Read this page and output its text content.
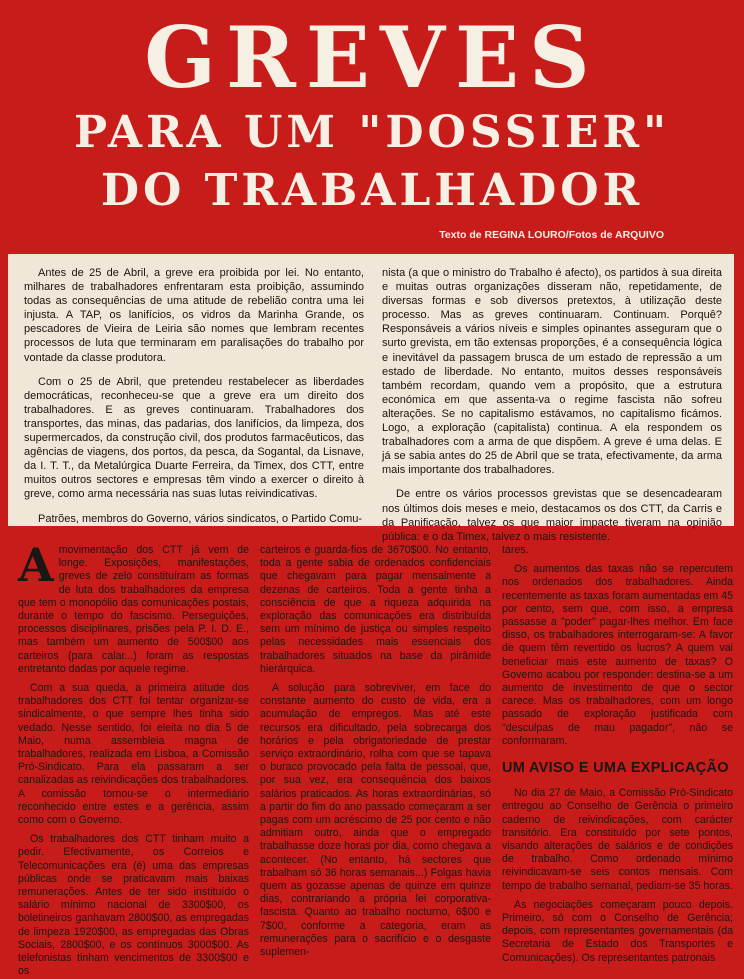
GREVES
PARA UM "DOSSIER"
DO TRABALHADOR
Texto de REGINA LOURO/Fotos de ARQUIVO

Antes de 25 de Abril, a greve era proibida por lei. No entanto, milhares de trabalhadores enfrentaram esta proibição, assumindo todas as consequências de uma atitude de rebelião contra uma lei injusta. A TAP, os lanifícios, os vidros da Marinha Grande, os pescadores de Vieira de Leiria são nomes que lembram recentes processos de luta que terminaram em paralisações do trabalho por vontade da classe produtora.

Com o 25 de Abril, que pretendeu restabelecer as liberdades democráticas, reconheceu-se que a greve era um direito dos trabalhadores. E as greves continuaram. Trabalhadores dos transportes, das minas, das padarias, dos lanifícios, da limpeza, dos supermercados, da construção civil, dos produtos farmacêuticos, das agências de viagens, dos portos, da pesca, da Sogantal, da Lisnave, da I. T. T., da Metalúrgica Duarte Ferreira, da Timex, dos CTT, entre muitos outros sectores e empresas têm vindo a exercer o direito à greve, como arma necessária nas suas lutas reivindicativas.

Patrões, membros do Governo, vários sindicatos, o Partido Comu-

nista (a que o ministro do Trabalho é afecto), os partidos à sua direita e muitas outras organizações disseram não, repetidamente, de diversas formas e sob diversos pretextos, à utilização deste processo. Mas as greves continuaram. Continuam. Porquê? Responsáveis a vários níveis e simples opinantes asseguram que o surto grevista, em tão extensas proporções, é a consequência lógica e inevitável da passagem brusca de um estado de repressão a um estado de liberdade. No entanto, muitos desses responsáveis também recordam, quando vem a propósito, que a estrutura económica em que assenta-va o regime fascista não sofreu alterações. Se no capitalismo estávamos, no capitalismo ficámos. Logo, a exploração (capitalista) continua. A ela respondem os trabalhadores com a arma de que dispõem. A greve é uma delas. E já se sabia antes do 25 de Abril que se trata, efectivamente, da arma mais importante dos trabalhadores.

De entre os vários processos grevistas que se desencadearam nos últimos dois meses e meio, destacamos os dos CTT, da Carris e da Panificação, talvez os que maior impacte tiveram na opinião pública: e o da Timex, talvez o mais resistente.

Amovimentação dos CTT já vem de longe. Exposições, manifestações, greves de zelo constituíram as formas de luta dos trabalhadores da empresa que tem o monopólio das comunicações postais, durante o tempo do fascismo. Perseguições, processos disciplinares, prisões pela P. I. D. E., mas também um aumento de 500$00 aos carteiros (para calar...) foram as respostas entretanto dadas por aquele regime.

Com a sua queda, a primeira atitude dos trabalhadores dos CTT foi tentar organizar-se sindicalmente, o que sempre lhes tinha sido vedado. Nesse sentido, foi eleita no dia 5 de Maio, numa assembleia magna de trabalhadores, realizada em Lisboa, a Comissão Pró-Sindicato. Para ela passaram a ser canalizadas as reivindicações dos trabalhadores. A comissão tornou-se o intermediário reconhecido entre estes e a gerência, assim como com o Governo.

Os trabalhadores dos CTT tinham muito a pedir. Efectivamente, os Correios e Telecomunicações era (é) uma das empresas públicas onde se praticavam mais baixas remunerações. Antes de ter sido instituído o salário mínimo nacional de 3300$00, os boletineiros ganhavam 2800$00, as empregadas de limpeza 1920$00, as empregadas das Obras Sociais, 2800$00, e os contínuos 3000$00. As telefonistas tinham vencimentos de 3300$00 e os

carteiros e guarda-fios de 3670$00. No entanto, toda a gente sabia de ordenados confidenciais que chegavam para pagar mensalmente a dezenas de carteiros. Toda a gente tinha a consciência de que a riqueza adquirida na exploração das comunicações era distribuída sem um mínimo de justiça ou simples respeito pelas necessidades mais essenciais dos trabalhadores situados na base da pirâmide hierárquica.

A solução para sobreviver, em face do constante aumento do custo de vida, era a acumulação de empregos. Mas até este recursos era dificultado, pela sobrecarga dos horários e pela obrigatoriedade de prestar serviço extraordinário, rolha com que se tapava o buraco provocado pela falta de pessoal, que, por sua vez, era consequência dos baixos salários praticados. As horas extraordinárias, só a partir do fim do ano passado começaram a ser pagas com um acréscimo de 25 por cento e não admitiam outro, ainda que o empregado trabalhasse doze horas por dia, como chegava a acontecer. (No entanto, há sectores que trabalham só 36 horas semanais...) Folgas havia quem as gozasse apenas de quinze em quinze dias, contrariando a própria lei corporativa-fascista. Quanto ao trabalho nocturno, 6$00 e 7$00, conforme a categoria, eram as remunerações para o sacrifício e o desgaste suplemen-

tares.

Os aumentos das taxas não se repercutem nos ordenados dos trabalhadores. Ainda recentemente as taxas foram aumentadas em 45 por cento, sem que, com isso, a empresa passasse a "poder" pagar-lhes melhor. Em face disso, os trabalhadores interrogaram-se: A favor de quem têm revertido os lucros? A quem vai beneficiar mais este aumento de taxas? O Governo acabou por responder: destina-se a um aumento de investimento de que o sector carece. Mas os trabalhadores, com um longo passado de exploração justificada com "desculpas de mau pagador", não se conformaram.

UM AVISO E UMA EXPLICAÇÃO

No dia 27 de Maio, a Comissão Pró-Sindicato entregou ao Conselho de Gerência o primeiro caderno de reivindicações, com carácter transitório. Era constituído por sete pontos, visando alterações de salários e de condições de trabalho. Como ordenado mínimo reivindicavam-se seis contos mensais. Com tempo de trabalho semanal, pediam-se 35 horas.

As negociações começaram pouco depois. Primeiro, só com o Conselho de Gerência; depois, com representantes governamentais (da Secretaria de Estado dos Transportes e Comunicações). Os representantes patronais
